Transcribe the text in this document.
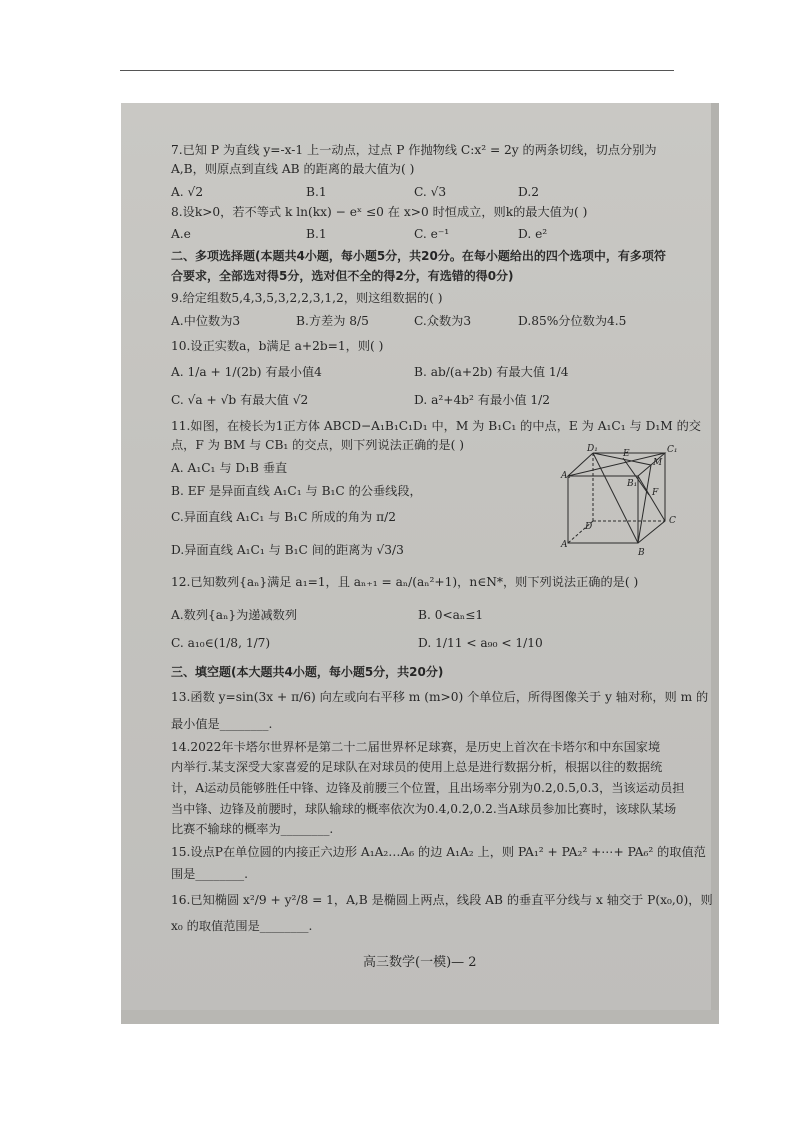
7.已知 P 为直线 y=-x-1 上一动点，过点 P 作抛物线 C:x² = 2y 的两条切线，切点分别为
A,B，则原点到直线 AB 的距离的最大值为( )
A. √2	B.1	C. √3	D.2
8.设k>0，若不等式 k ln(kx) − eˣ ≤0 在 x>0 时恒成立，则k的最大值为( )
A.e	B.1	C. e⁻¹	D. e²
二、多项选择题(本题共4小题，每小题5分，共20分。在每小题给出的四个选项中，有多项符
合要求，全部选对得5分，选对但不全的得2分，有选错的得0分)
9.给定组数5,4,3,5,3,2,2,3,1,2，则这组数据的( )
A.中位数为3	B.方差为 8/5	C.众数为3	D.85%分位数为4.5
10.设正实数a，b满足 a+2b=1，则( )
A. 1/a + 1/(2b) 有最小值4	B. ab/(a+2b) 有最大值 1/4
C. √a + √b 有最大值 √2	D. a²+4b² 有最小值 1/2
11.如图，在棱长为1正方体 ABCD−A₁B₁C₁D₁ 中，M 为 B₁C₁ 的中点，E 为 A₁C₁ 与 D₁M 的交
点，F 为 BM 与 CB₁ 的交点，则下列说法正确的是( )
A. A₁C₁ 与 D₁B 垂直
B. EF 是异面直线 A₁C₁ 与 B₁C 的公垂线段，
C.异面直线 A₁C₁ 与 B₁C 所成的角为 π/2
D.异面直线 A₁C₁ 与 B₁C 间的距离为 √3/3
D₁	C₁
A₁
B₁
E
M
F
D
C
A
B
12.已知数列{aₙ}满足 a₁=1，且 aₙ₊₁ = aₙ/(aₙ²+1)，n∈N*，则下列说法正确的是( )
A.数列{aₙ}为递减数列	B. 0<aₙ≤1
C. a₁₀∈(1/8, 1/7)	D. 1/11 < a₉₀ < 1/10
三、填空题(本大题共4小题，每小题5分，共20分)
13.函数 y=sin(3x + π/6) 向左或向右平移 m (m>0) 个单位后，所得图像关于 y 轴对称，则 m 的
最小值是________.
14.2022年卡塔尔世界杯是第二十二届世界杯足球赛，是历史上首次在卡塔尔和中东国家境
内举行.某支深受大家喜爱的足球队在对球员的使用上总是进行数据分析，根据以往的数据统
计，A运动员能够胜任中锋、边锋及前腰三个位置，且出场率分别为0.2,0.5,0.3，当该运动员担
当中锋、边锋及前腰时，球队输球的概率依次为0.4,0.2,0.2.当A球员参加比赛时，该球队某场
比赛不输球的概率为________.
15.设点P在单位圆的内接正六边形 A₁A₂…A₆ 的边 A₁A₂ 上，则 PA₁² + PA₂² +⋯+ PA₆² 的取值范
围是________.
16.已知椭圆 x²/9 + y²/8 = 1，A,B 是椭圆上两点，线段 AB 的垂直平分线与 x 轴交于 P(x₀,0)，则
x₀ 的取值范围是________.
高三数学(一模)— 2
